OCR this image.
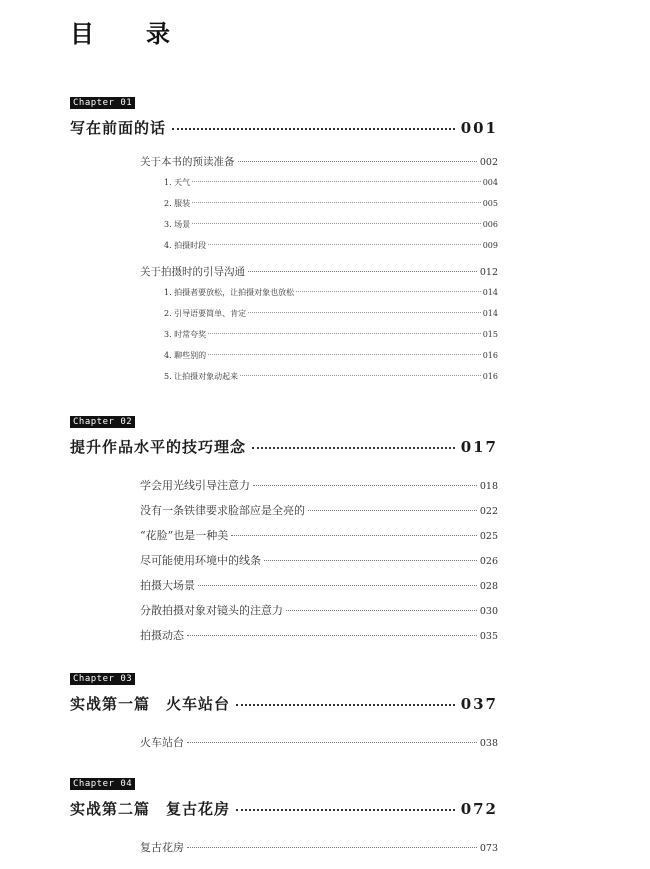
目　录
Chapter 01
写在前面的话	001
关于本书的预读准备	002
1. 天气	004
2. 服装	005
3. 场景	006
4. 拍摄时段	009
关于拍摄时的引导沟通	012
1. 拍摄者要放松，让拍摄对象也放松	014
2. 引导语要简单、肯定	014
3. 时常夸奖	015
4. 聊些别的	016
5. 让拍摄对象动起来	016
Chapter 02
提升作品水平的技巧理念	017
学会用光线引导注意力	018
没有一条铁律要求脸部应是全亮的	022
“花脸”也是一种美	025
尽可能使用环境中的线条	026
拍摄大场景	028
分散拍摄对象对镜头的注意力	030
拍摄动态	035
Chapter 03
实战第一篇　火车站台	037
火车站台	038
Chapter 04
实战第二篇　复古花房	072
复古花房	073
